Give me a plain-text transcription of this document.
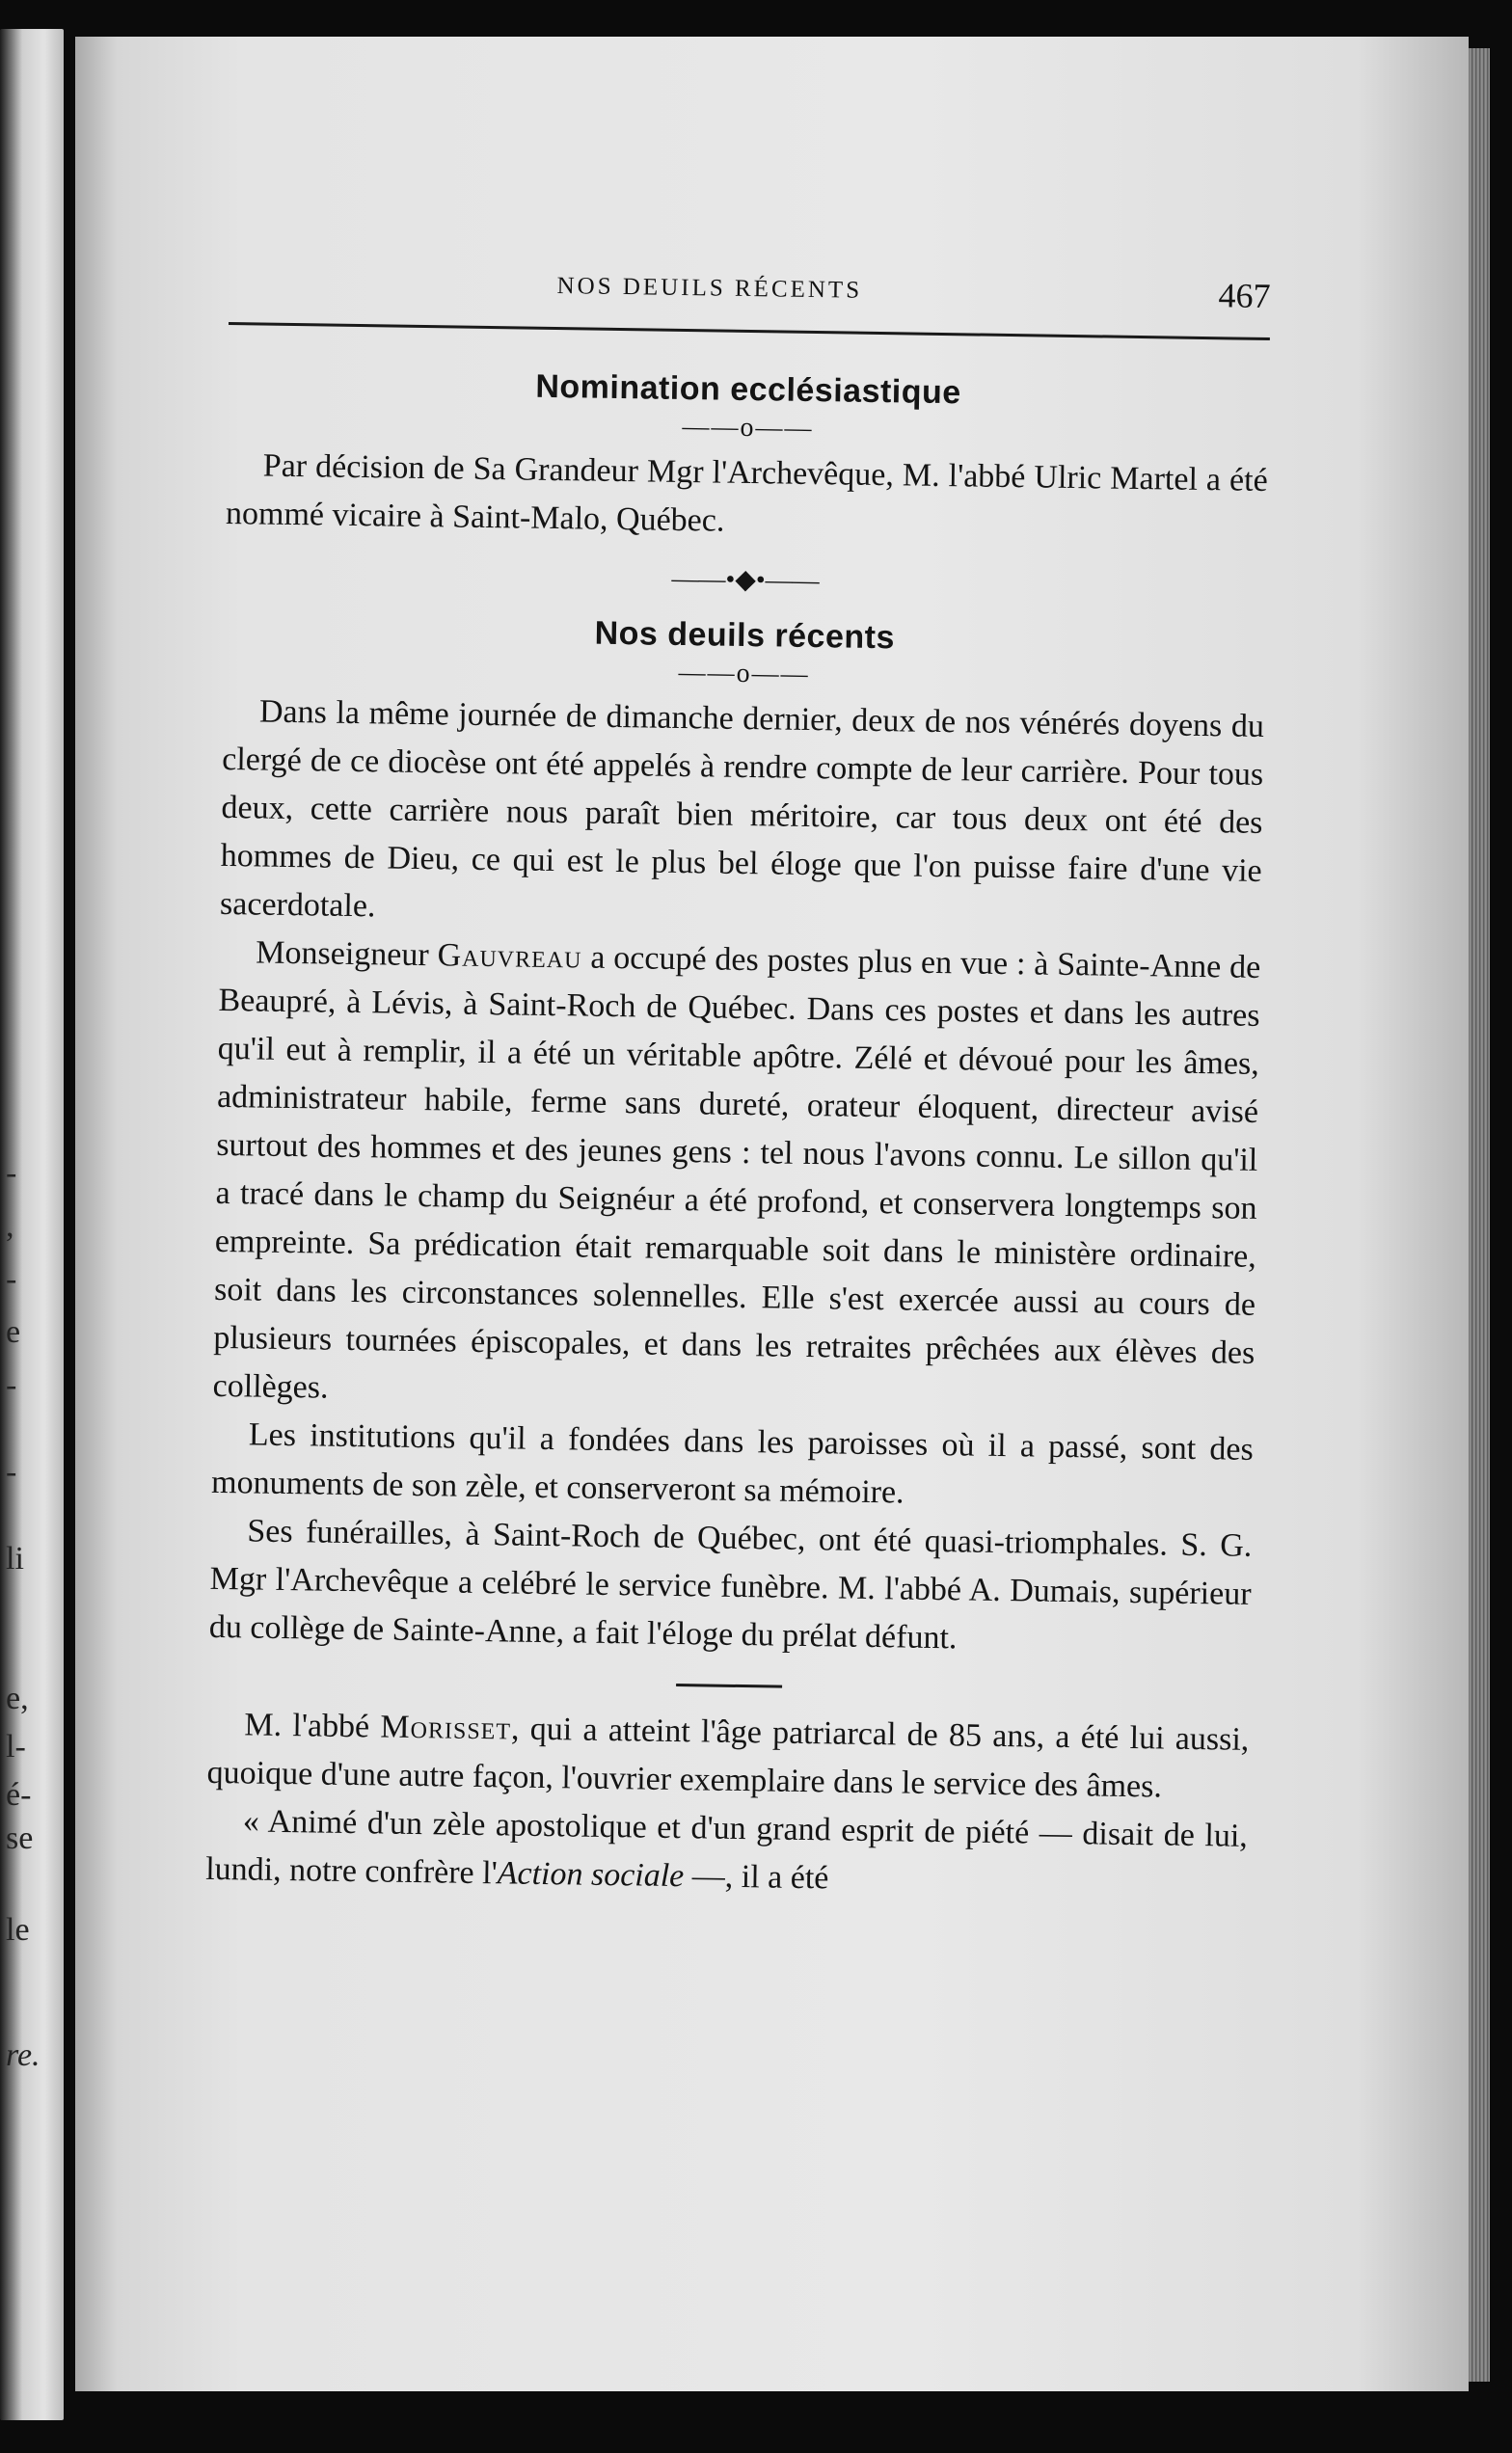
-
,
-
e
-
-
li
e,
l-
é-
se
le
re.
NOS DEUILS RÉCENTS	467
Nomination ecclésiastique
——o——

Par décision de Sa Grandeur Mgr l'Archevêque, M. l'abbé Ulric Martel a été nommé vicaire à Saint-Malo, Québec.

——•◆•——
Nos deuils récents
——o——

Dans la même journée de dimanche dernier, deux de nos vénérés doyens du clergé de ce diocèse ont été appelés à rendre compte de leur carrière. Pour tous deux, cette carrière nous paraît bien méritoire, car tous deux ont été des hommes de Dieu, ce qui est le plus bel éloge que l'on puisse faire d'une vie sacerdotale.

Monseigneur Gauvreau a occupé des postes plus en vue : à Sainte-Anne de Beaupré, à Lévis, à Saint-Roch de Québec. Dans ces postes et dans les autres qu'il eut à remplir, il a été un véritable apôtre. Zélé et dévoué pour les âmes, administrateur habile, ferme sans dureté, orateur éloquent, directeur avisé surtout des hommes et des jeunes gens : tel nous l'avons connu. Le sillon qu'il a tracé dans le champ du Seignéur a été profond, et conservera longtemps son empreinte. Sa prédication était remarquable soit dans le ministère ordinaire, soit dans les circonstances solennelles. Elle s'est exercée aussi au cours de plusieurs tournées épiscopales, et dans les retraites prêchées aux élèves des collèges.

Les institutions qu'il a fondées dans les paroisses où il a passé, sont des monuments de son zèle, et conserveront sa mémoire.

Ses funérailles, à Saint-Roch de Québec, ont été quasi-triomphales. S. G. Mgr l'Archevêque a celébré le service funèbre. M. l'abbé A. Dumais, supérieur du collège de Sainte-Anne, a fait l'éloge du prélat défunt.

M. l'abbé Morisset, qui a atteint l'âge patriarcal de 85 ans, a été lui aussi, quoique d'une autre façon, l'ouvrier exemplaire dans le service des âmes.

« Animé d'un zèle apostolique et d'un grand esprit de piété — disait de lui, lundi, notre confrère l'Action sociale —, il a été
